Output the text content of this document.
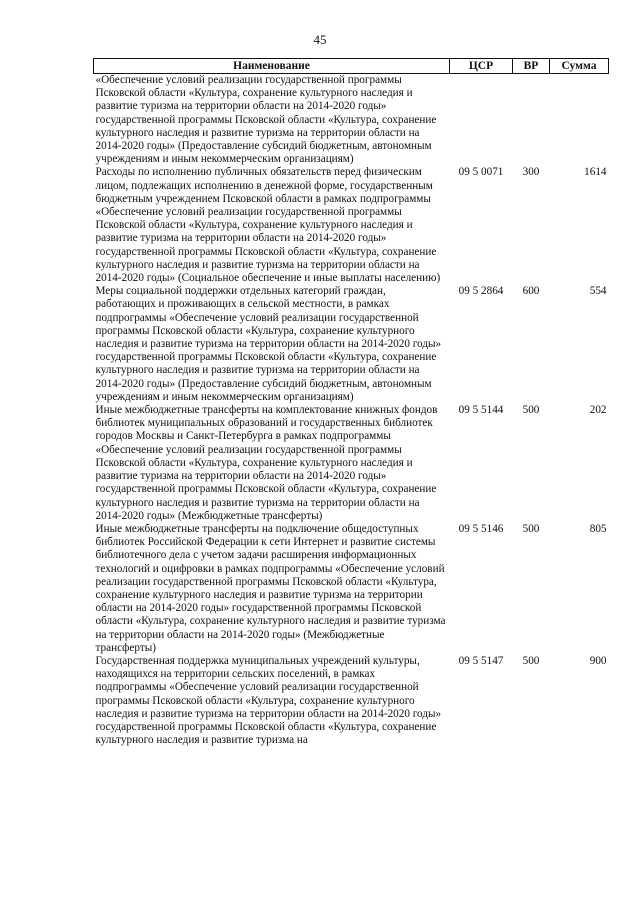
45
Наименование	ЦСР	ВР	Сумма
«Обеспечение условий реализации государственной программы Псковской области «Культура, сохранение культурного наследия и развитие туризма на территории области на 2014-2020 годы» государственной программы Псковской области «Культура, сохранение культурного наследия и развитие туризма на территории области на 2014-2020 годы» (Предоставление субсидий бюджетным, автономным учреждениям и иным некоммерческим организациям)			
Расходы по исполнению публичных обязательств перед физическим лицом, подлежащих исполнению в денежной форме, государственным бюджетным учреждением Псковской области в рамках подпрограммы «Обеспечение условий реализации государственной программы Псковской области «Культура, сохранение культурного наследия и развитие туризма на территории области на 2014-2020 годы» государственной программы Псковской области «Культура, сохранение культурного наследия и развитие туризма на территории области на 2014-2020 годы» (Социальное обеспечение и иные выплаты населению)	09 5 0071	300	1614
Меры социальной поддержки отдельных категорий граждан, работающих и проживающих в сельской местности, в рамках подпрограммы «Обеспечение условий реализации государственной программы Псковской области «Культура, сохранение культурного наследия и развитие туризма на территории области на 2014-2020 годы» государственной программы Псковской области «Культура, сохранение культурного наследия и развитие туризма на территории области на 2014-2020 годы» (Предоставление субсидий бюджетным, автономным учреждениям и иным некоммерческим организациям)	09 5 2864	600	554
Иные межбюджетные трансферты на комплектование книжных фондов библиотек муниципальных образований и государственных библиотек городов Москвы и Санкт-Петербурга в рамках подпрограммы «Обеспечение условий реализации государственной программы Псковской области «Культура, сохранение культурного наследия и развитие туризма на территории области на 2014-2020 годы» государственной программы Псковской области «Культура, сохранение культурного наследия и развитие туризма на территории области на 2014-2020 годы» (Межбюджетные трансферты)	09 5 5144	500	202
Иные межбюджетные трансферты на подключение общедоступных библиотек Российской Федерации к сети Интернет и развитие системы библиотечного дела с учетом задачи расширения информационных технологий и оцифровки в рамках подпрограммы «Обеспечение условий реализации государственной программы Псковской области «Культура, сохранение культурного наследия и развитие туризма на территории области на 2014-2020 годы» государственной программы Псковской области «Культура, сохранение культурного наследия и развитие туризма на территории области на 2014-2020 годы» (Межбюджетные трансферты)	09 5 5146	500	805
Государственная поддержка муниципальных учреждений культуры, находящихся на территории сельских поселений, в рамках подпрограммы «Обеспечение условий реализации государственной программы Псковской области «Культура, сохранение культурного наследия и развитие туризма на территории области на 2014-2020 годы» государственной программы Псковской области «Культура, сохранение культурного наследия и развитие туризма на	09 5 5147	500	900
